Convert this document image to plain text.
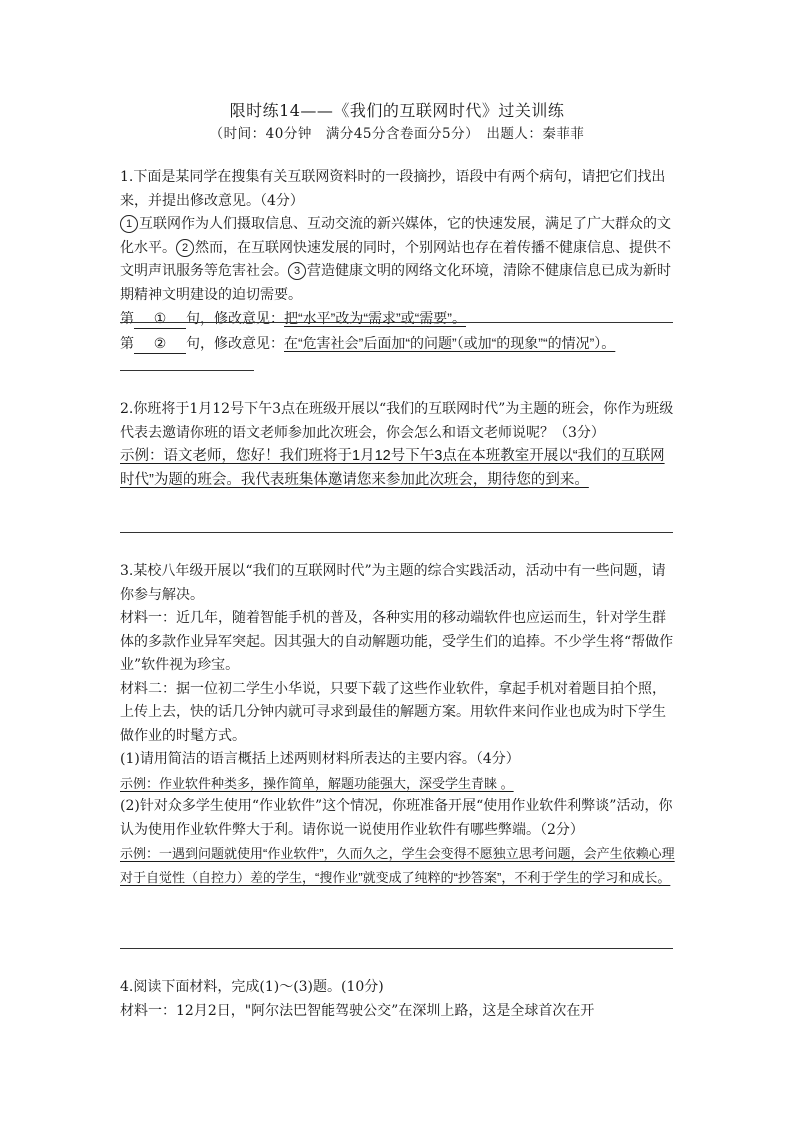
限时练14——《我们的互联网时代》过关训练
（时间：40分钟　满分45分含卷面分5分）　出题人：秦菲菲

1.下面是某同学在搜集有关互联网资料时的一段摘抄，语段中有两个病句，请把它们找出来，并提出修改意见。（4分）

1 互联网作为人们摄取信息、互动交流的新兴媒体，它的快速发展，满足了广大群众的文化水平。 2 然而，在互联网快速发展的同时，个别网站也存在着传播不健康信息、提供不文明声讯服务等危害社会。 3 营造健康文明的网络文化环境，清除不健康信息已成为新时期精神文明建设的迫切需要。

第 ① 句，修改意见：把“水平”改为“需求”或“需要”。

第 ② 句，修改意见：在“危害社会”后面加“的问题”（或加“的现象”“的情况”）。

2.你班将于1月12号下午3点在班级开展以“我们的互联网时代”为主题的班会，你作为班级代表去邀请你班的语文老师参加此次班会，你会怎么和语文老师说呢？（3分）

示例：语文老师，您好！我们班将于1月12号下午3点在本班教室开展以“我们的互联网时代”为题的班会。我代表班集体邀请您来参加此次班会，期待您的到来。

3.某校八年级开展以“我们的互联网时代”为主题的综合实践活动，活动中有一些问题，请你参与解决。

材料一：近几年，随着智能手机的普及，各种实用的移动端软件也应运而生，针对学生群体的多款作业异军突起。因其强大的自动解题功能，受学生们的追捧。不少学生将“帮做作业”软件视为珍宝。

材料二：据一位初二学生小华说，只要下载了这些作业软件，拿起手机对着题目拍个照，上传上去，快的话几分钟内就可寻求到最佳的解题方案。用软件来问作业也成为时下学生做作业的时髦方式。

(1)请用简洁的语言概括上述两则材料所表达的主要内容。（4分）

示例：作业软件种类多，操作简单，解题功能强大，深受学生青睐 。

(2)针对众多学生使用“作业软件”这个情况，你班准备开展“使用作业软件利弊谈”活动，你认为使用作业软件弊大于利。请你说一说使用作业软件有哪些弊端。（2分）

示例：一遇到问题就使用“作业软件”，久而久之，学生会变得不愿独立思考问题，会产生依赖心理对于自觉性（自控力）差的学生，“搜作业”就变成了纯粹的“抄答案”，不利于学生的学习和成长。

4.阅读下面材料，完成(1)～(3)题。(10分)

材料一：12月2日，"阿尔法巴智能驾驶公交”在深圳上路，这是全球首次在开
